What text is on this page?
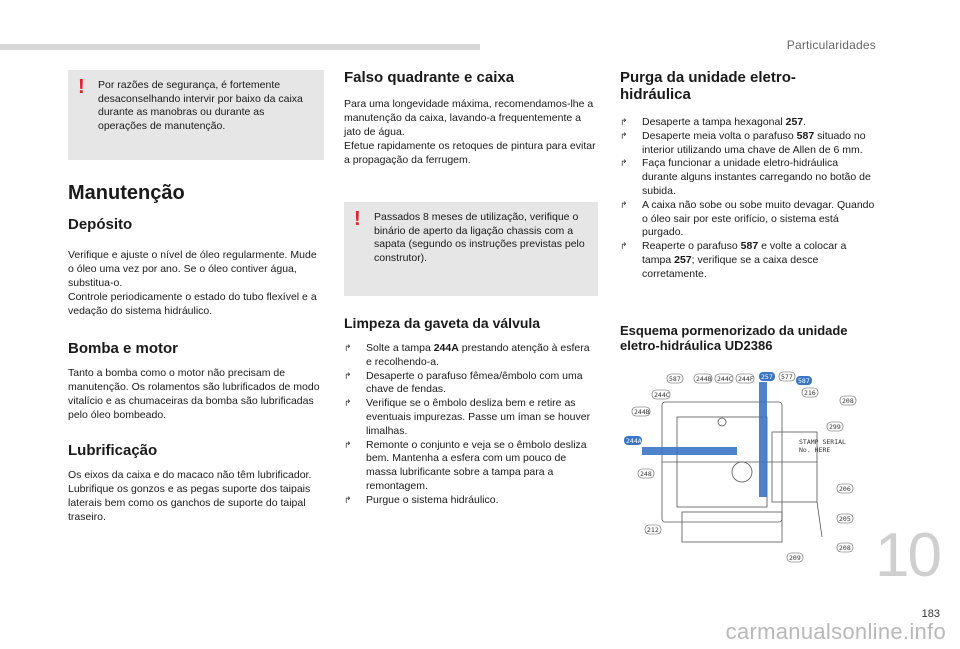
Particularidades
! Por razões de segurança, é fortemente desaconselhando intervir por baixo da caixa durante as manobras ou durante as operações de manutenção.
Manutenção
Depósito

Verifique e ajuste o nível de óleo regularmente. Mude o óleo uma vez por ano. Se o óleo contiver água, substitua-o.

Controle periodicamente o estado do tubo flexível e a vedação do sistema hidráulico.

Bomba e motor

Tanto a bomba como o motor não precisam de manutenção. Os rolamentos são lubrificados de modo vitalício e as chumaceiras da bomba são lubrificadas pelo óleo bombeado.

Lubrificação

Os eixos da caixa e do macaco não têm lubrificador. Lubrifique os gonzos e as pegas suporte dos taipais laterais bem como os ganchos de suporte do taipal traseiro.

Falso quadrante e caixa

Para uma longevidade máxima, recomendamos-lhe a manutenção da caixa, lavando-a frequentemente a jato de água.

Efetue rapidamente os retoques de pintura para evitar a propagação da ferrugem.

! Passados 8 meses de utilização, verifique o binário de aperto da ligação chassis com a sapata (segundo os instruções previstas pelo construtor).
Limpeza da gaveta da válvula
↱ Solte a tampa 244A prestando atenção à esfera e recolhendo-a.
↱ Desaperte o parafuso fêmea/êmbolo com uma chave de fendas.
↱ Verifique se o êmbolo desliza bem e retire as eventuais impurezas. Passe um íman se houver limalhas.
↱ Remonte o conjunto e veja se o êmbolo desliza bem. Mantenha a esfera com um pouco de massa lubrificante sobre a tampa para a remontagem.
↱ Purgue o sistema hidráulico.
Purga da unidade eletro-hidráulica
↱ Desaperte a tampa hexagonal 257.
↱ Desaperte meia volta o parafuso 587 situado no interior utilizando uma chave de Allen de 6 mm.
↱ Faça funcionar a unidade eletro-hidráulica durante alguns instantes carregando no botão de subida.
↱ A caixa não sobe ou sobe muito devagar. Quando o óleo sair por este orifício, o sistema está purgado.
↱ Reaperte o parafuso 587 e volte a colocar a tampa 257; verifique se a caixa desce corretamente.
Esquema pormenorizado da unidade eletro-hidráulica UD2386
587 244B 244C 244F 257 577 587
244C
244B
244A
248
216
208
299
206
205
208
209
212
STAMP SERIAL
No. HERE
10
183
carmanualsonline.info
